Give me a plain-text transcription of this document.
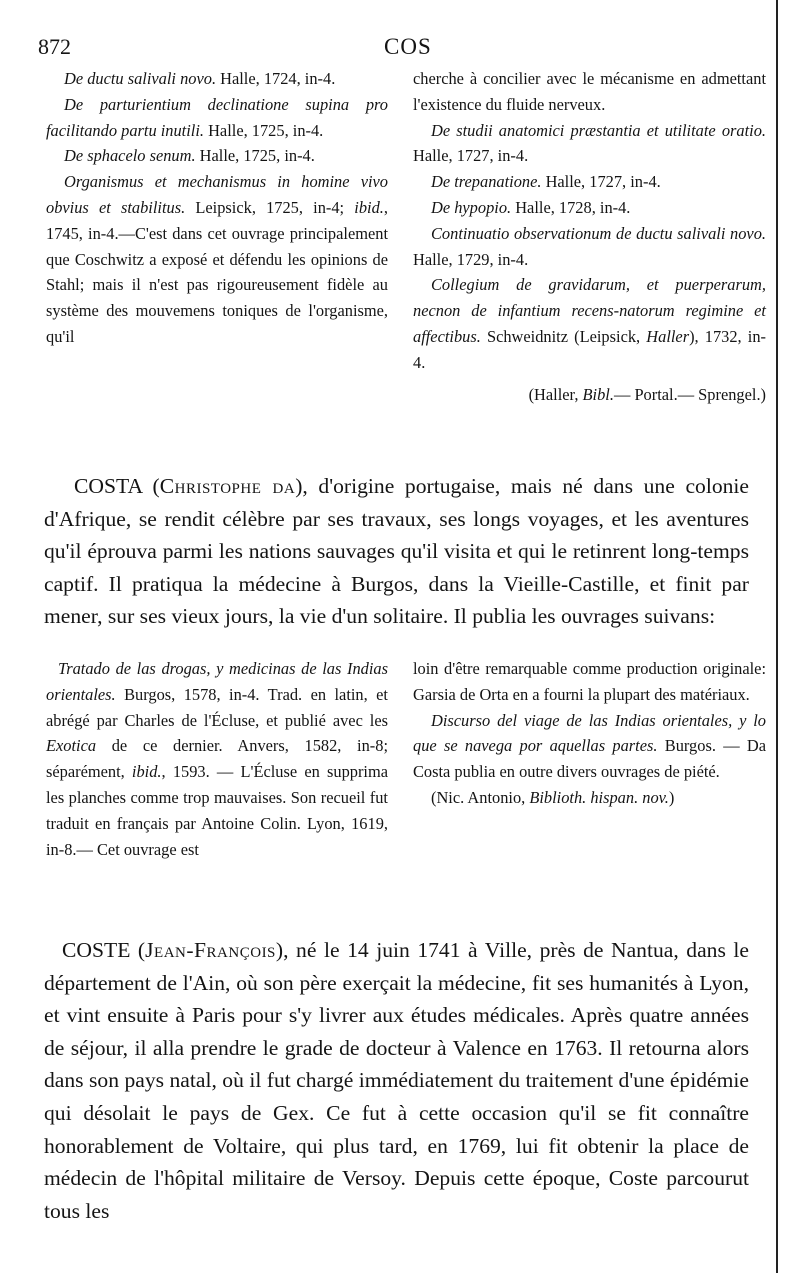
872	COS

De ductu salivali novo. Halle, 1724, in-4.

De parturientium declinatione supina pro facilitando partu inutili. Halle, 1725, in-4.

De sphacelo senum. Halle, 1725, in-4.

Organismus et mechanismus in homine vivo obvius et stabilitus. Leipsick, 1725, in-4; ibid., 1745, in-4.—C'est dans cet ouvrage principalement que Coschwitz a exposé et défendu les opinions de Stahl; mais il n'est pas rigoureusement fidèle au système des mouvemens toniques de l'organisme, qu'il

cherche à concilier avec le mécanisme en admettant l'existence du fluide nerveux.

De studii anatomici præstantia et utilitate oratio. Halle, 1727, in-4.

De trepanatione. Halle, 1727, in-4.

De hypopio. Halle, 1728, in-4.

Continuatio observationum de ductu salivali novo. Halle, 1729, in-4.

Collegium de gravidarum, et puerperarum, necnon de infantium recens-natorum regimine et affectibus. Schweidnitz (Leipsick, Haller), 1732, in-4.

(Haller, Bibl.— Portal.— Sprengel.)

COSTA (Christophe da), d'origine portugaise, mais né dans une colonie d'Afrique, se rendit célèbre par ses travaux, ses longs voyages, et les aventures qu'il éprouva parmi les nations sauvages qu'il visita et qui le retinrent long-temps captif. Il pratiqua la médecine à Burgos, dans la Vieille-Castille, et finit par mener, sur ses vieux jours, la vie d'un solitaire. Il publia les ouvrages suivans:

Tratado de las drogas, y medicinas de las Indias orientales. Burgos, 1578, in-4. Trad. en latin, et abrégé par Charles de l'Écluse, et publié avec les Exotica de ce dernier. Anvers, 1582, in-8; séparément, ibid., 1593. — L'Écluse en supprima les planches comme trop mauvaises. Son recueil fut traduit en français par Antoine Colin. Lyon, 1619, in-8.— Cet ouvrage est

loin d'être remarquable comme production originale: Garsia de Orta en a fourni la plupart des matériaux.

Discurso del viage de las Indias orientales, y lo que se navega por aquellas partes. Burgos. — Da Costa publia en outre divers ouvrages de piété.

(Nic. Antonio, Biblioth. hispan. nov.)

COSTE (Jean-François), né le 14 juin 1741 à Ville, près de Nantua, dans le département de l'Ain, où son père exerçait la médecine, fit ses humanités à Lyon, et vint ensuite à Paris pour s'y livrer aux études médicales. Après quatre années de séjour, il alla prendre le grade de docteur à Valence en 1763. Il retourna alors dans son pays natal, où il fut chargé immédiatement du traitement d'une épidémie qui désolait le pays de Gex. Ce fut à cette occasion qu'il se fit connaître honorablement de Voltaire, qui plus tard, en 1769, lui fit obtenir la place de médecin de l'hôpital militaire de Versoy. Depuis cette époque, Coste parcourut tous les
